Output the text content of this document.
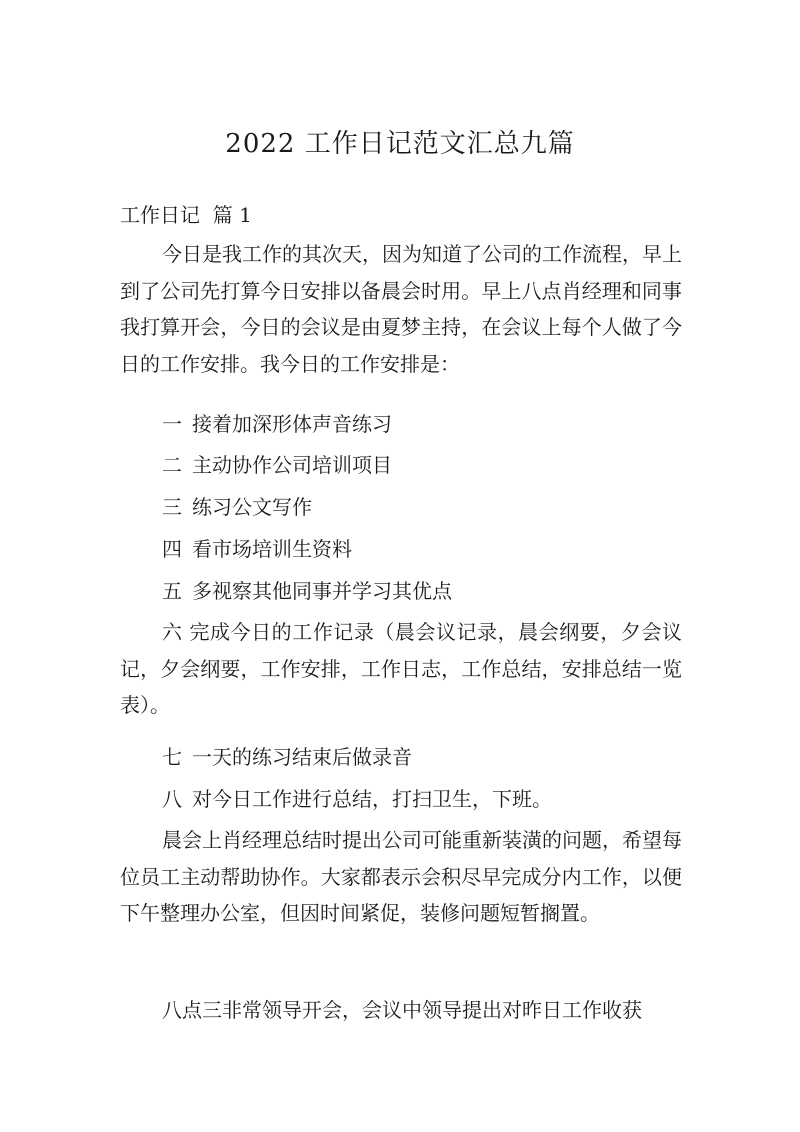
2022 工作日记范文汇总九篇
工作日记  篇 1

今日是我工作的其次天，因为知道了公司的工作流程，早上到了公司先打算今日安排以备晨会时用。早上八点肖经理和同事我打算开会，今日的会议是由夏梦主持，在会议上每个人做了今日的工作安排。我今日的工作安排是：

一 接着加深形体声音练习

二 主动协作公司培训项目

三 练习公文写作

四 看市场培训生资料

五 多视察其他同事并学习其优点

六 完成今日的工作记录（晨会议记录，晨会纲要，夕会议记，夕会纲要，工作安排，工作日志，工作总结，安排总结一览表）。

七 一天的练习结束后做录音

八 对今日工作进行总结，打扫卫生，下班。

晨会上肖经理总结时提出公司可能重新装潢的问题，希望每位员工主动帮助协作。大家都表示会积尽早完成分内工作，以便下午整理办公室，但因时间紧促，装修问题短暂搁置。

八点三非常领导开会，会议中领导提出对昨日工作收获
